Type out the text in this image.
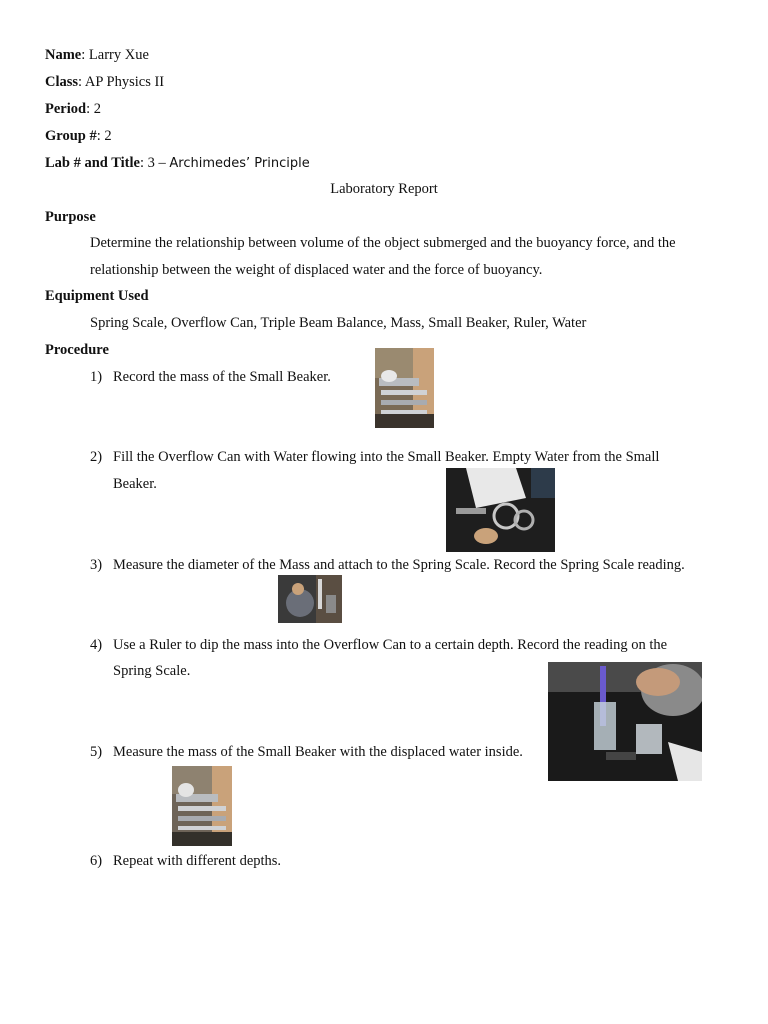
Name: Larry Xue
Class: AP Physics II
Period: 2
Group #: 2
Lab # and Title: 3 – Archimedes’ Principle
Laboratory Report
Purpose
Determine the relationship between volume of the object submerged and the buoyancy force, and the
relationship between the weight of displaced water and the force of buoyancy.
Equipment Used
Spring Scale, Overflow Can, Triple Beam Balance, Mass, Small Beaker, Ruler, Water
Procedure
1) Record the mass of the Small Beaker.
2) Fill the Overflow Can with Water flowing into the Small Beaker. Empty Water from the Small
Beaker.
3) Measure the diameter of the Mass and attach to the Spring Scale. Record the Spring Scale reading.
4) Use a Ruler to dip the mass into the Overflow Can to a certain depth. Record the reading on the
Spring Scale.
5) Measure the mass of the Small Beaker with the displaced water inside.
6) Repeat with different depths.
